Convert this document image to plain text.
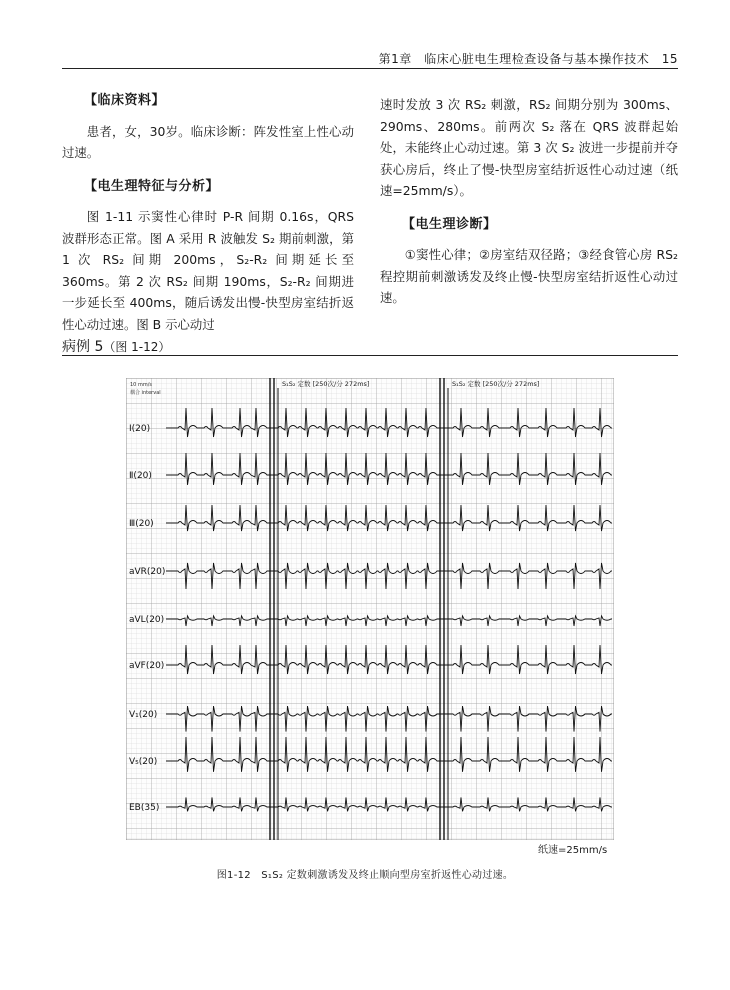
第1章　临床心脏电生理检查设备与基本操作技术　15
【临床资料】
患者，女，30岁。临床诊断：阵发性室上性心动过速。
【电生理特征与分析】
图 1-11 示窦性心律时 P-R 间期 0.16s，QRS 波群形态正常。图 A 采用 R 波触发 S₂ 期前刺激，第 1 次 RS₂ 间期 200ms，S₂-R₂ 间期延长至 360ms。第 2 次 RS₂ 间期 190ms，S₂-R₂ 间期进一步延长至 400ms，随后诱发出慢-快型房室结折返性心动过速。图 B 示心动过
速时发放 3 次 RS₂ 刺激，RS₂ 间期分别为 300ms、290ms、280ms。前两次 S₂ 落在 QRS 波群起始处，未能终止心动过速。第 3 次 S₂ 波进一步提前并夺获心房后，终止了慢-快型房室结折返性心动过速（纸速=25mm/s）。
【电生理诊断】
①窦性心律；②房室结双径路；③经食管心房 RS₂ 程控期前刺激诱发及终止慢-快型房室结折返性心动过速。
病例 5（图 1-12）
10 mm/s
耦合 interval
S₁S₂ 定数 [250次/分 272ms]	S₁S₂ 定数 [250次/分 272ms]
Ⅰ(20)
Ⅱ(20)
Ⅲ(20)
aVR(20)
aVL(20)
aVF(20)
V₁(20)
V₅(20)
EB(35)
纸速=25mm/s
图1-12　S₁S₂ 定数刺激诱发及终止顺向型房室折返性心动过速。
